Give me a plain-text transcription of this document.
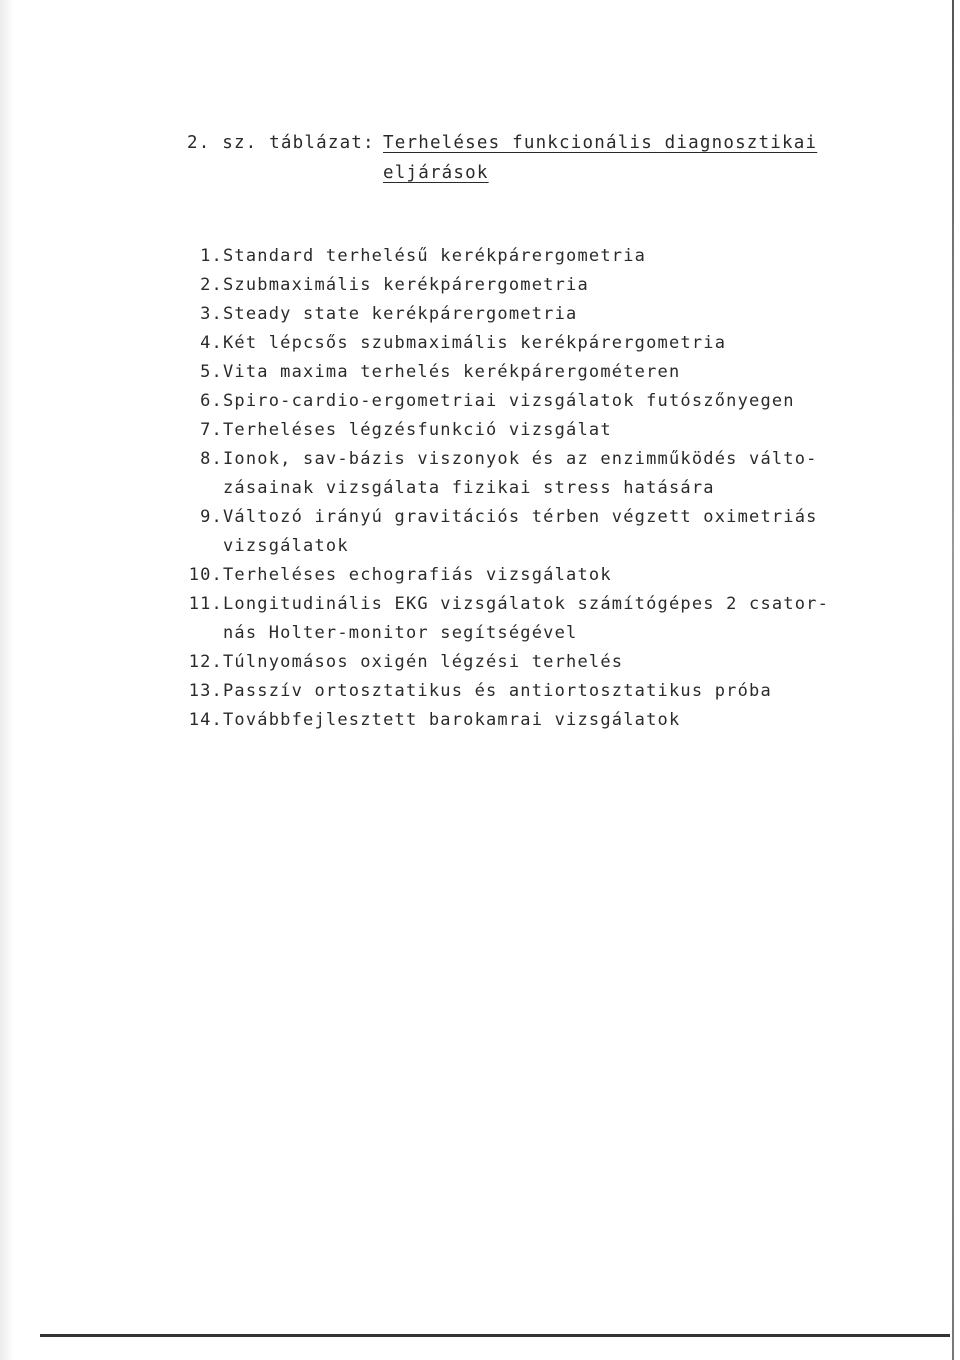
2. sz. táblázat: Terheléses funkcionális diagnosztikai
eljárások
1. Standard terhelésű kerékpárergometria
2. Szubmaximális kerékpárergometria
3. Steady state kerékpárergometria
4. Két lépcsős szubmaximális kerékpárergometria
5. Vita maxima terhelés kerékpárergométeren
6. Spiro-cardio-ergometriai vizsgálatok futószőnyegen
7. Terheléses légzésfunkció vizsgálat
8. Ionok, sav-bázis viszonyok és az enzimműködés válto-
zásainak vizsgálata fizikai stress hatására
9. Változó irányú gravitációs térben végzett oximetriás
vizsgálatok
10. Terheléses echografiás vizsgálatok
11. Longitudinális EKG vizsgálatok számítógépes 2 csator-
nás Holter-monitor segítségével
12. Túlnyomásos oxigén légzési terhelés
13. Passzív ortosztatikus és antiortosztatikus próba
14. Továbbfejlesztett barokamrai vizsgálatok
